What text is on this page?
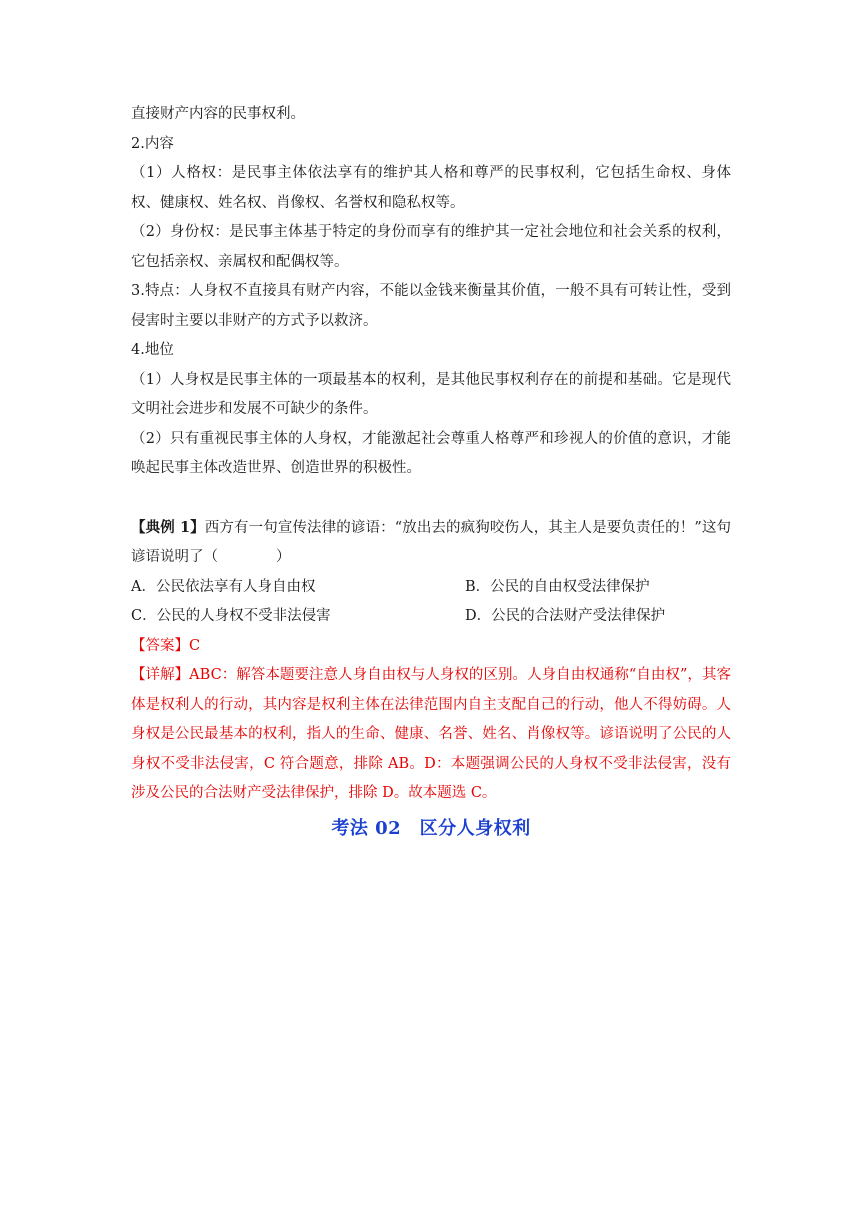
直接财产内容的民事权利。

2.内容

（1）人格权：是民事主体依法享有的维护其人格和尊严的民事权利，它包括生命权、身体权、健康权、姓名权、肖像权、名誉权和隐私权等。

（2）身份权：是民事主体基于特定的身份而享有的维护其一定社会地位和社会关系的权利，它包括亲权、亲属权和配偶权等。

3.特点：人身权不直接具有财产内容，不能以金钱来衡量其价值，一般不具有可转让性，受到侵害时主要以非财产的方式予以救济。

4.地位

（1）人身权是民事主体的一项最基本的权利，是其他民事权利存在的前提和基础。它是现代文明社会进步和发展不可缺少的条件。

（2）只有重视民事主体的人身权，才能激起社会尊重人格尊严和珍视人的价值的意识，才能唤起民事主体改造世界、创造世界的积极性。

【典例 1】西方有一句宣传法律的谚语：“放出去的疯狗咬伤人，其主人是要负责任的！”这句谚语说明了（　　　　）

A．公民依法享有人身自由权	B．公民的自由权受法律保护

C．公民的人身权不受非法侵害	D．公民的合法财产受法律保护

【答案】C

【详解】ABC：解答本题要注意人身自由权与人身权的区别。人身自由权通称“自由权”，其客体是权利人的行动，其内容是权利主体在法律范围内自主支配自己的行动，他人不得妨碍。人身权是公民最基本的权利，指人的生命、健康、名誉、姓名、肖像权等。谚语说明了公民的人身权不受非法侵害，C 符合题意，排除 AB。D：本题强调公民的人身权不受非法侵害，没有涉及公民的合法财产受法律保护，排除 D。故本题选 C。

考法 02　区分人身权利
